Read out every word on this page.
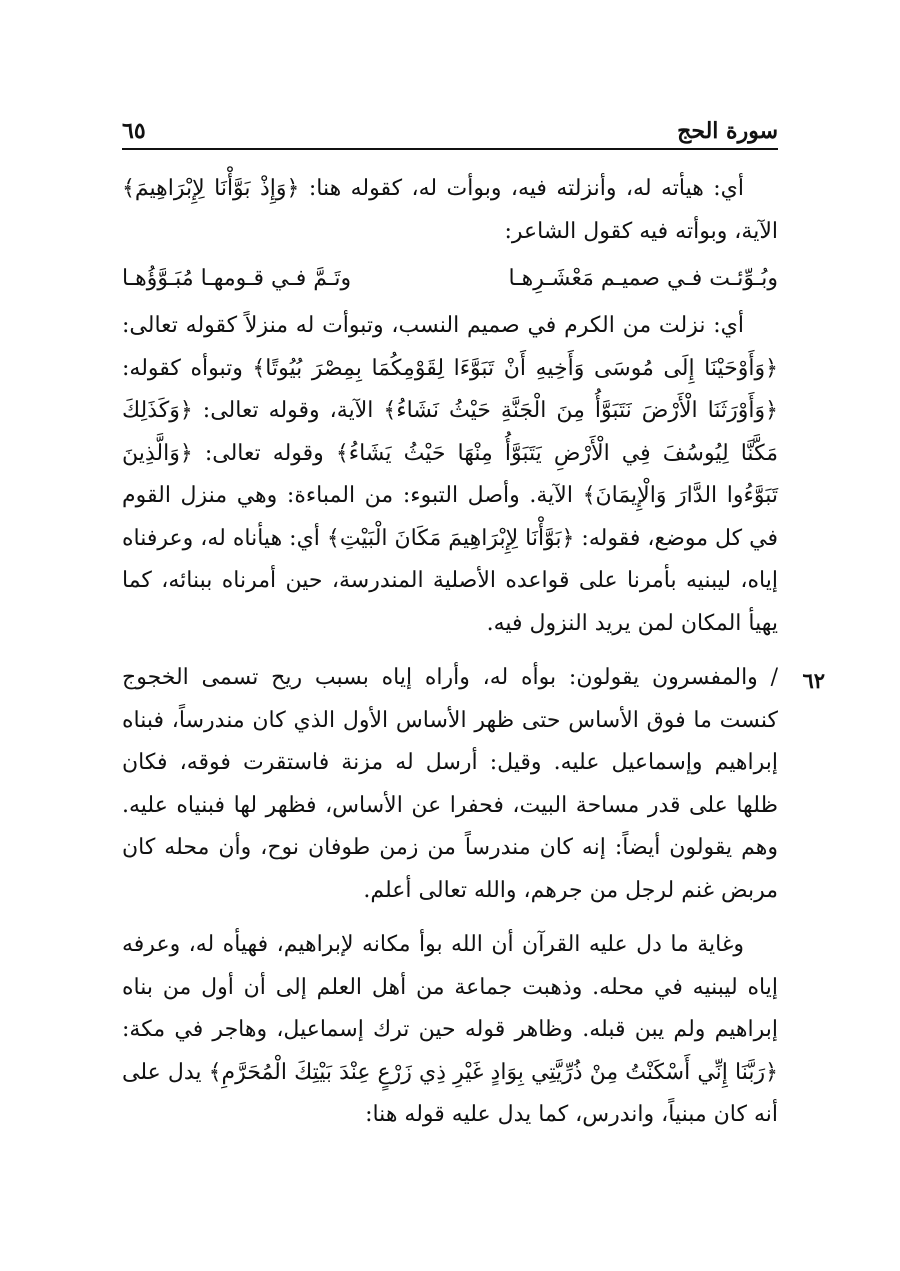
سورة الحج
٦٥

أي: هيأته له، وأنزلته فيه، وبوأت له، كقوله هنا: ﴿وَإِذْ بَوَّأْنَا لِإِبْرَاهِيمَ﴾ الآية، وبوأته فيه كقول الشاعر:

وبُـوِّئـت فـي صميـم مَعْشَـرِهـا
وتَـمَّ فـي قـومهـا مُبَـوَّؤُهـا

أي: نزلت من الكرم في صميم النسب، وتبوأت له منزلاً كقوله تعالى: ﴿وَأَوْحَيْنَا إِلَى مُوسَى وَأَخِيهِ أَنْ تَبَوَّءَا لِقَوْمِكُمَا بِمِصْرَ بُيُوتًا﴾ وتبوأه كقوله: ﴿وَأَوْرَثَنَا الْأَرْضَ نَتَبَوَّأُ مِنَ الْجَنَّةِ حَيْثُ نَشَاءُ﴾ الآية، وقوله تعالى: ﴿وَكَذَلِكَ مَكَّنَّا لِيُوسُفَ فِي الْأَرْضِ يَتَبَوَّأُ مِنْهَا حَيْثُ يَشَاءُ﴾ وقوله تعالى: ﴿وَالَّذِينَ تَبَوَّءُوا الدَّارَ وَالْإِيمَانَ﴾ الآية. وأصل التبوء: من المباءة: وهي منزل القوم في كل موضع، فقوله: ﴿بَوَّأْنَا لِإِبْرَاهِيمَ مَكَانَ الْبَيْتِ﴾ أي: هيأناه له، وعرفناه إياه، ليبنيه بأمرنا على قواعده الأصلية المندرسة، حين أمرناه ببنائه، كما يهيأ المكان لمن يريد النزول فيه.

/ والمفسرون يقولون: بوأه له، وأراه إياه بسبب ريح تسمى الخجوج كنست ما فوق الأساس حتى ظهر الأساس الأول الذي كان مندرساً، فبناه إبراهيم وإسماعيل عليه. وقيل: أرسل له مزنة فاستقرت فوقه، فكان ظلها على قدر مساحة البيت، فحفرا عن الأساس، فظهر لها فبنياه عليه. وهم يقولون أيضاً: إنه كان مندرساً من زمن طوفان نوح، وأن محله كان مربض غنم لرجل من جرهم، والله تعالى أعلم.

وغاية ما دل عليه القرآن أن الله بوأ مكانه لإبراهيم، فهيأه له، وعرفه إياه ليبنيه في محله. وذهبت جماعة من أهل العلم إلى أن أول من بناه إبراهيم ولم يبن قبله. وظاهر قوله حين ترك إسماعيل، وهاجر في مكة: ﴿رَبَّنَا إِنِّي أَسْكَنْتُ مِنْ ذُرِّيَّتِي بِوَادٍ غَيْرِ ذِي زَرْعٍ عِنْدَ بَيْتِكَ الْمُحَرَّمِ﴾ يدل على أنه كان مبنياً، واندرس، كما يدل عليه قوله هنا:

٦٢
